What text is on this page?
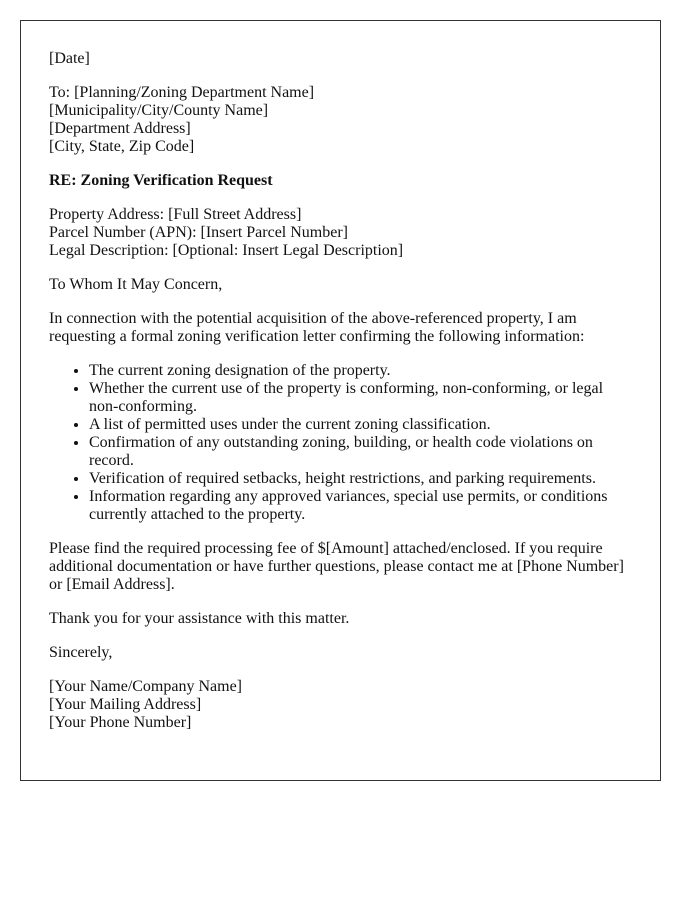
[Date]
To: [Planning/Zoning Department Name]
[Municipality/City/County Name]
[Department Address]
[City, State, Zip Code]
RE: Zoning Verification Request
Property Address: [Full Street Address]
Parcel Number (APN): [Insert Parcel Number]
Legal Description: [Optional: Insert Legal Description]

To Whom It May Concern,

In connection with the potential acquisition of the above-referenced property, I am requesting a formal zoning verification letter confirming the following information:

• The current zoning designation of the property.
• Whether the current use of the property is conforming, non-conforming, or legal non-conforming.
• A list of permitted uses under the current zoning classification.
• Confirmation of any outstanding zoning, building, or health code violations on record.
• Verification of required setbacks, height restrictions, and parking requirements.
• Information regarding any approved variances, special use permits, or conditions currently attached to the property.

Please find the required processing fee of $[Amount] attached/enclosed. If you require additional documentation or have further questions, please contact me at [Phone Number] or [Email Address].

Thank you for your assistance with this matter.

Sincerely,

[Your Name/Company Name]
[Your Mailing Address]
[Your Phone Number]
